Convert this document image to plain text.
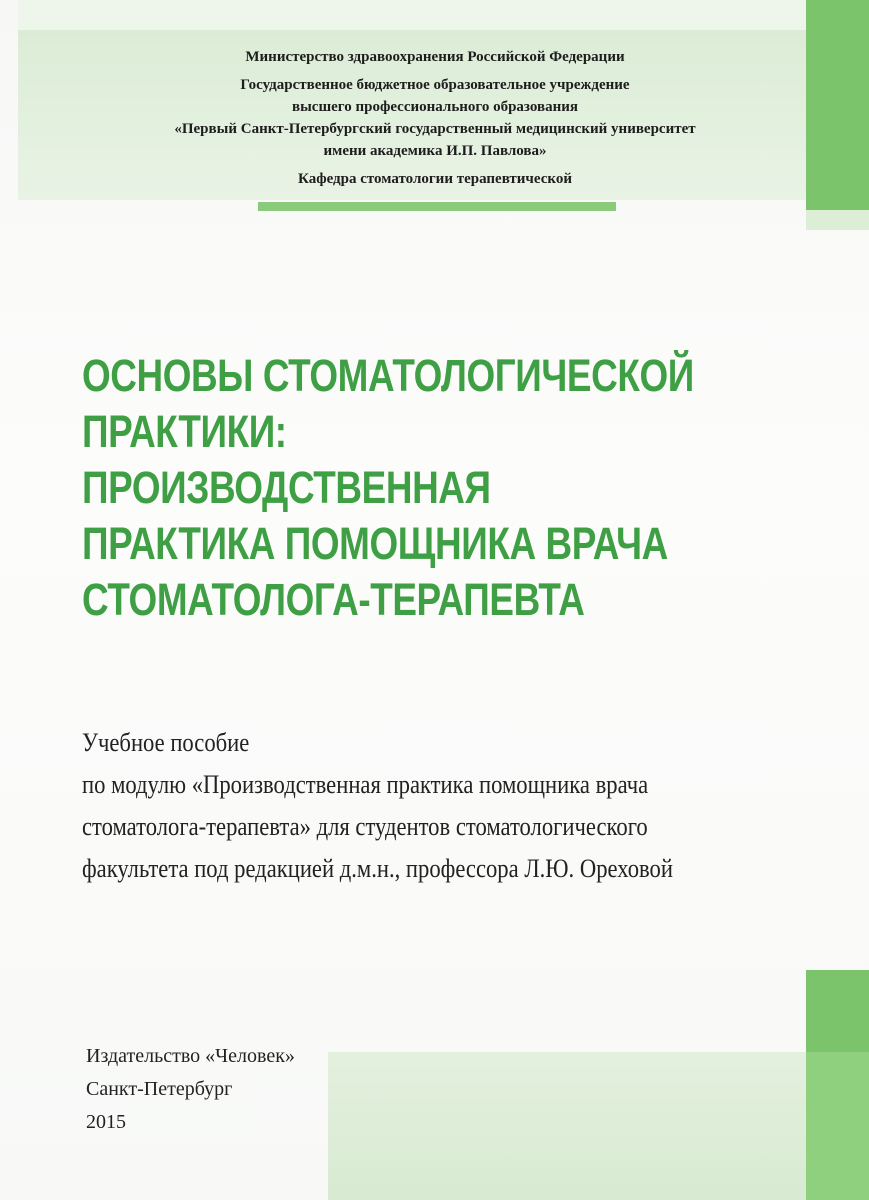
Министерство здравоохранения Российской Федерации
Государственное бюджетное образовательное учреждение
высшего профессионального образования
«Первый Санкт-Петербургский государственный медицинский университет
имени академика И.П. Павлова»
Кафедра стоматологии терапевтической
ОСНОВЫ СТОМАТОЛОГИЧЕСКОЙ
ПРАКТИКИ:
ПРОИЗВОДСТВЕННАЯ
ПРАКТИКА ПОМОЩНИКА ВРАЧА
СТОМАТОЛОГА-ТЕРАПЕВТА
Учебное пособие
по модулю «Производственная практика помощника врача
стоматолога-терапевта» для студентов стоматологического
факультета под редакцией д.м.н., профессора Л.Ю. Ореховой
Издательство «Человек»
Санкт-Петербург
2015
